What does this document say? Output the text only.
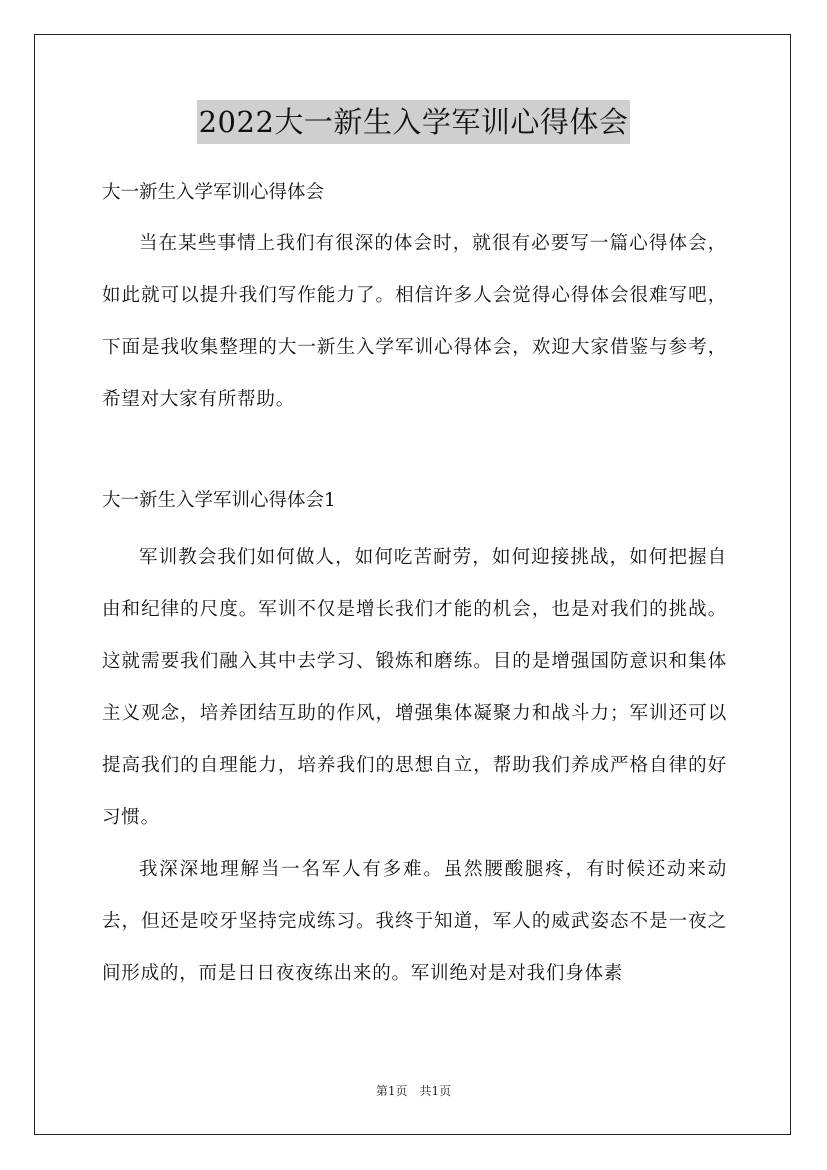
2022大一新生入学军训心得体会

大一新生入学军训心得体会

当在某些事情上我们有很深的体会时，就很有必要写一篇心得体会，如此就可以提升我们写作能力了。相信许多人会觉得心得体会很难写吧，下面是我收集整理的大一新生入学军训心得体会，欢迎大家借鉴与参考，希望对大家有所帮助。

大一新生入学军训心得体会1

军训教会我们如何做人，如何吃苦耐劳，如何迎接挑战，如何把握自由和纪律的尺度。军训不仅是增长我们才能的机会，也是对我们的挑战。这就需要我们融入其中去学习、锻炼和磨练。目的是增强国防意识和集体主义观念，培养团结互助的作风，增强集体凝聚力和战斗力；军训还可以提高我们的自理能力，培养我们的思想自立，帮助我们养成严格自律的好习惯。

我深深地理解当一名军人有多难。虽然腰酸腿疼，有时候还动来动去，但还是咬牙坚持完成练习。我终于知道，军人的威武姿态不是一夜之间形成的，而是日日夜夜练出来的。军训绝对是对我们身体素

第1页　共1页
